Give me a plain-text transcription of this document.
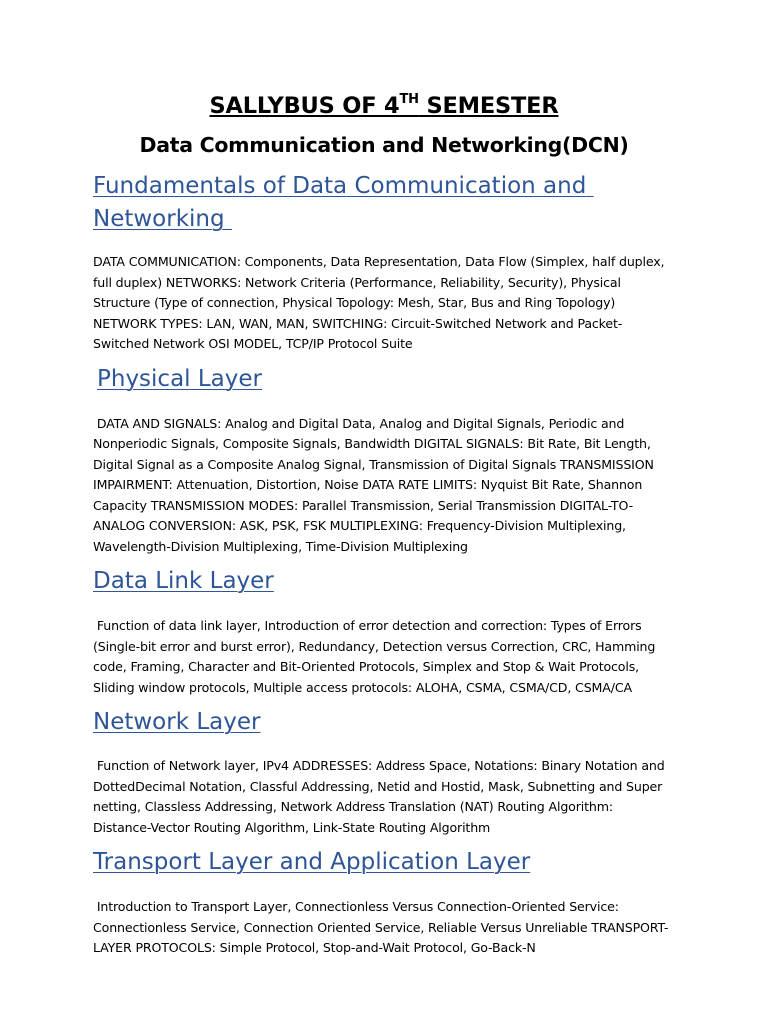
SALLYBUS OF 4TH SEMESTER
Data Communication and Networking(DCN)
Fundamentals of Data Communication and Networking

DATA COMMUNICATION: Components, Data Representation, Data Flow (Simplex, half duplex, full duplex) NETWORKS: Network Criteria (Performance, Reliability, Security), Physical Structure (Type of connection, Physical Topology: Mesh, Star, Bus and Ring Topology) NETWORK TYPES: LAN, WAN, MAN, SWITCHING: Circuit-Switched Network and Packet-Switched Network OSI MODEL, TCP/IP Protocol Suite

Physical Layer

DATA AND SIGNALS: Analog and Digital Data, Analog and Digital Signals, Periodic and Nonperiodic Signals, Composite Signals, Bandwidth DIGITAL SIGNALS: Bit Rate, Bit Length, Digital Signal as a Composite Analog Signal, Transmission of Digital Signals TRANSMISSION IMPAIRMENT: Attenuation, Distortion, Noise DATA RATE LIMITS: Nyquist Bit Rate, Shannon Capacity TRANSMISSION MODES: Parallel Transmission, Serial Transmission DIGITAL-TO-ANALOG CONVERSION: ASK, PSK, FSK MULTIPLEXING: Frequency-Division Multiplexing, Wavelength-Division Multiplexing, Time-Division Multiplexing

Data Link Layer

Function of data link layer, Introduction of error detection and correction: Types of Errors (Single-bit error and burst error), Redundancy, Detection versus Correction, CRC, Hamming code, Framing, Character and Bit-Oriented Protocols, Simplex and Stop & Wait Protocols, Sliding window protocols, Multiple access protocols: ALOHA, CSMA, CSMA/CD, CSMA/CA

Network Layer

Function of Network layer, IPv4 ADDRESSES: Address Space, Notations: Binary Notation and DottedDecimal Notation, Classful Addressing, Netid and Hostid, Mask, Subnetting and Super netting, Classless Addressing, Network Address Translation (NAT) Routing Algorithm: Distance-Vector Routing Algorithm, Link-State Routing Algorithm

Transport Layer and Application Layer

Introduction to Transport Layer, Connectionless Versus Connection-Oriented Service: Connectionless Service, Connection Oriented Service, Reliable Versus Unreliable TRANSPORT-LAYER PROTOCOLS: Simple Protocol, Stop-and-Wait Protocol, Go-Back-N
